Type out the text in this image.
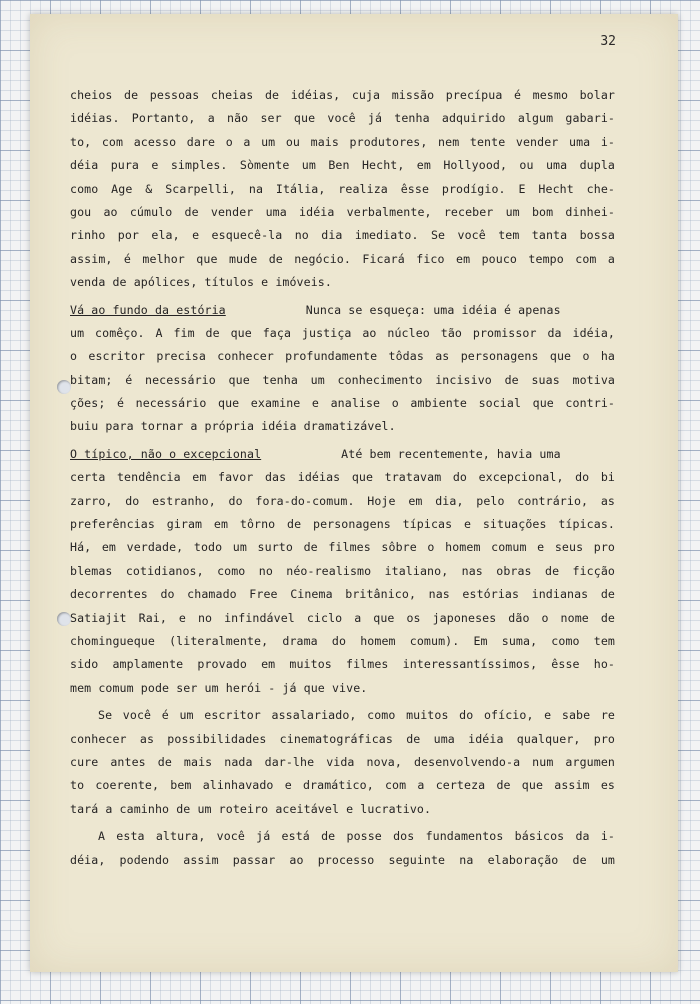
32
cheios de pessoas cheias de idéias, cuja missão precípua é mesmo bolar
idéias. Portanto, a não ser que você já tenha adquirido algum gabari-
to, com acesso dare o a um ou mais produtores, nem tente vender uma i-
déia pura e simples. Sòmente um Ben Hecht, em Hollyood, ou uma dupla
como Age & Scarpelli, na Itália, realiza êsse prodígio. E Hecht che-
gou ao cúmulo de vender uma idéia verbalmente, receber um bom dinhei-
rinho por ela, e esquecê-la no dia imediato. Se você tem tanta bossa
assim, é melhor que mude de negócio. Ficará fico em pouco tempo com a
venda de apólices, títulos e imóveis.
Vá ao fundo da estória	Nunca se esqueça: uma idéia é apenas
um comêço. A fim de que faça justiça ao núcleo tão promissor da idéia,
o escritor precisa conhecer profundamente tôdas as personagens que o ha
bitam; é necessário que tenha um conhecimento incisivo de suas motiva
ções; é necessário que examine e analise o ambiente social que contri-
buiu para tornar a própria idéia dramatizável.
O típico, não o excepcional	Até bem recentemente, havia uma
certa tendência em favor das idéias que tratavam do excepcional, do bi
zarro, do estranho, do fora-do-comum. Hoje em dia, pelo contrário, as
preferências giram em tôrno de personagens típicas e situações típicas.
Há, em verdade, todo um surto de filmes sôbre o homem comum e seus pro
blemas cotidianos, como no néo-realismo italiano, nas obras de ficção
decorrentes do chamado Free Cinema britânico, nas estórias indianas de
Satiajit Rai, e no infindável ciclo a que os japoneses dão o nome de
chomingueque (literalmente, drama do homem comum). Em suma, como tem
sido amplamente provado em muitos filmes interessantíssimos, êsse ho-
mem comum pode ser um herói - já que vive.
Se você é um escritor assalariado, como muitos do ofício, e sabe re
conhecer as possibilidades cinematográficas de uma idéia qualquer, pro
cure antes de mais nada dar-lhe vida nova, desenvolvendo-a num argumen
to coerente, bem alinhavado e dramático, com a certeza de que assim es
tará a caminho de um roteiro aceitável e lucrativo.
A esta altura, você já está de posse dos fundamentos básicos da i-
déia, podendo assim passar ao processo seguinte na elaboração de um
